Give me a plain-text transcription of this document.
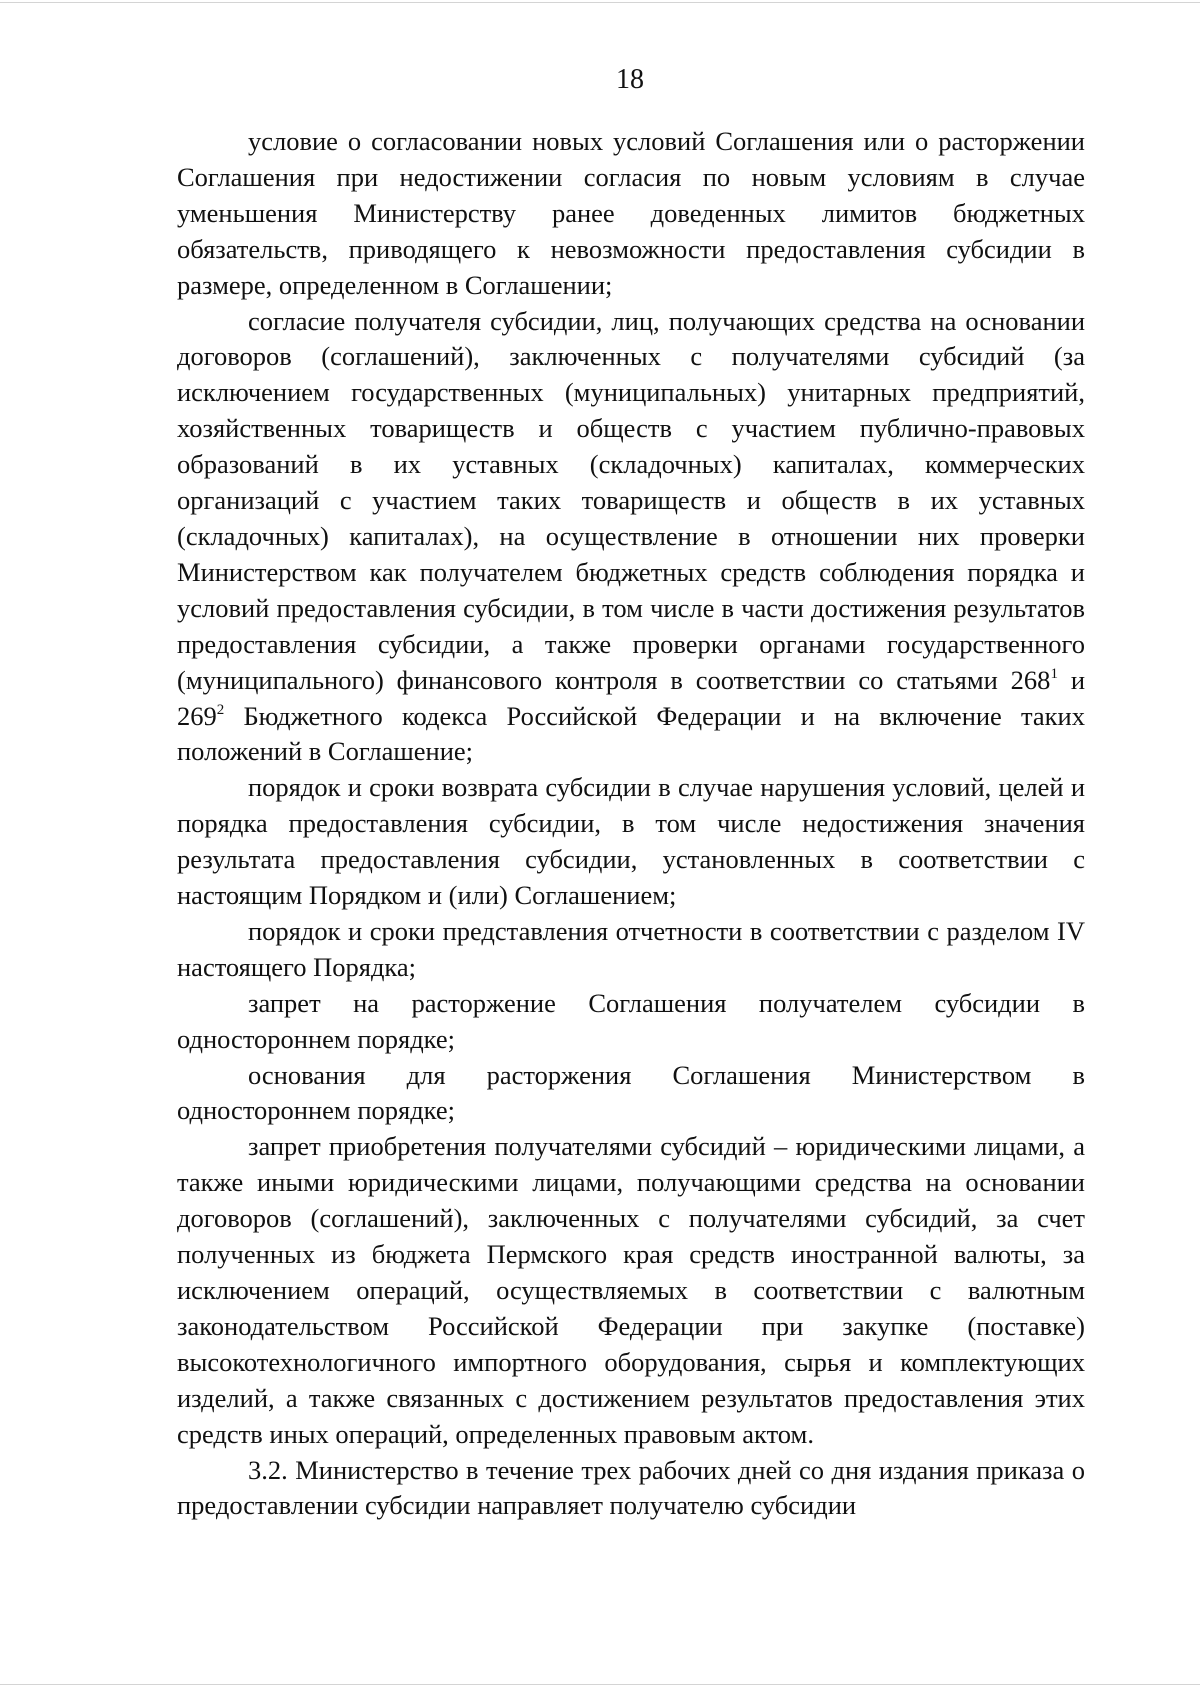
18

условие о согласовании новых условий Соглашения или о расторжении Соглашения при недостижении согласия по новым условиям в случае уменьшения Министерству ранее доведенных лимитов бюджетных обязательств, приводящего к невозможности предоставления субсидии в размере, определенном в Соглашении;

согласие получателя субсидии, лиц, получающих средства на основании договоров (соглашений), заключенных с получателями субсидий (за исключением государственных (муниципальных) унитарных предприятий, хозяйственных товариществ и обществ с участием публично-правовых образований в их уставных (складочных) капиталах, коммерческих организаций с участием таких товариществ и обществ в их уставных (складочных) капиталах), на осуществление в отношении них проверки Министерством как получателем бюджетных средств соблюдения порядка и условий предоставления субсидии, в том числе в части достижения результатов предоставления субсидии, а также проверки органами государственного (муниципального) финансового контроля в соответствии со статьями $268^1$ и $269^2$ Бюджетного кодекса Российской Федерации и на включение таких положений в Соглашение;

порядок и сроки возврата субсидии в случае нарушения условий, целей и порядка предоставления субсидии, в том числе недостижения значения результата предоставления субсидии, установленных в соответствии с настоящим Порядком и (или) Соглашением;

порядок и сроки представления отчетности в соответствии с разделом IV настоящего Порядка;

запрет на расторжение Соглашения получателем субсидии в одностороннем порядке;

основания для расторжения Соглашения Министерством в одностороннем порядке;

запрет приобретения получателями субсидий – юридическими лицами, а также иными юридическими лицами, получающими средства на основании договоров (соглашений), заключенных с получателями субсидий, за счет полученных из бюджета Пермского края средств иностранной валюты, за исключением операций, осуществляемых в соответствии с валютным законодательством Российской Федерации при закупке (поставке) высокотехнологичного импортного оборудования, сырья и комплектующих изделий, а также связанных с достижением результатов предоставления этих средств иных операций, определенных правовым актом.

3.2. Министерство в течение трех рабочих дней со дня издания приказа о предоставлении субсидии направляет получателю субсидии
